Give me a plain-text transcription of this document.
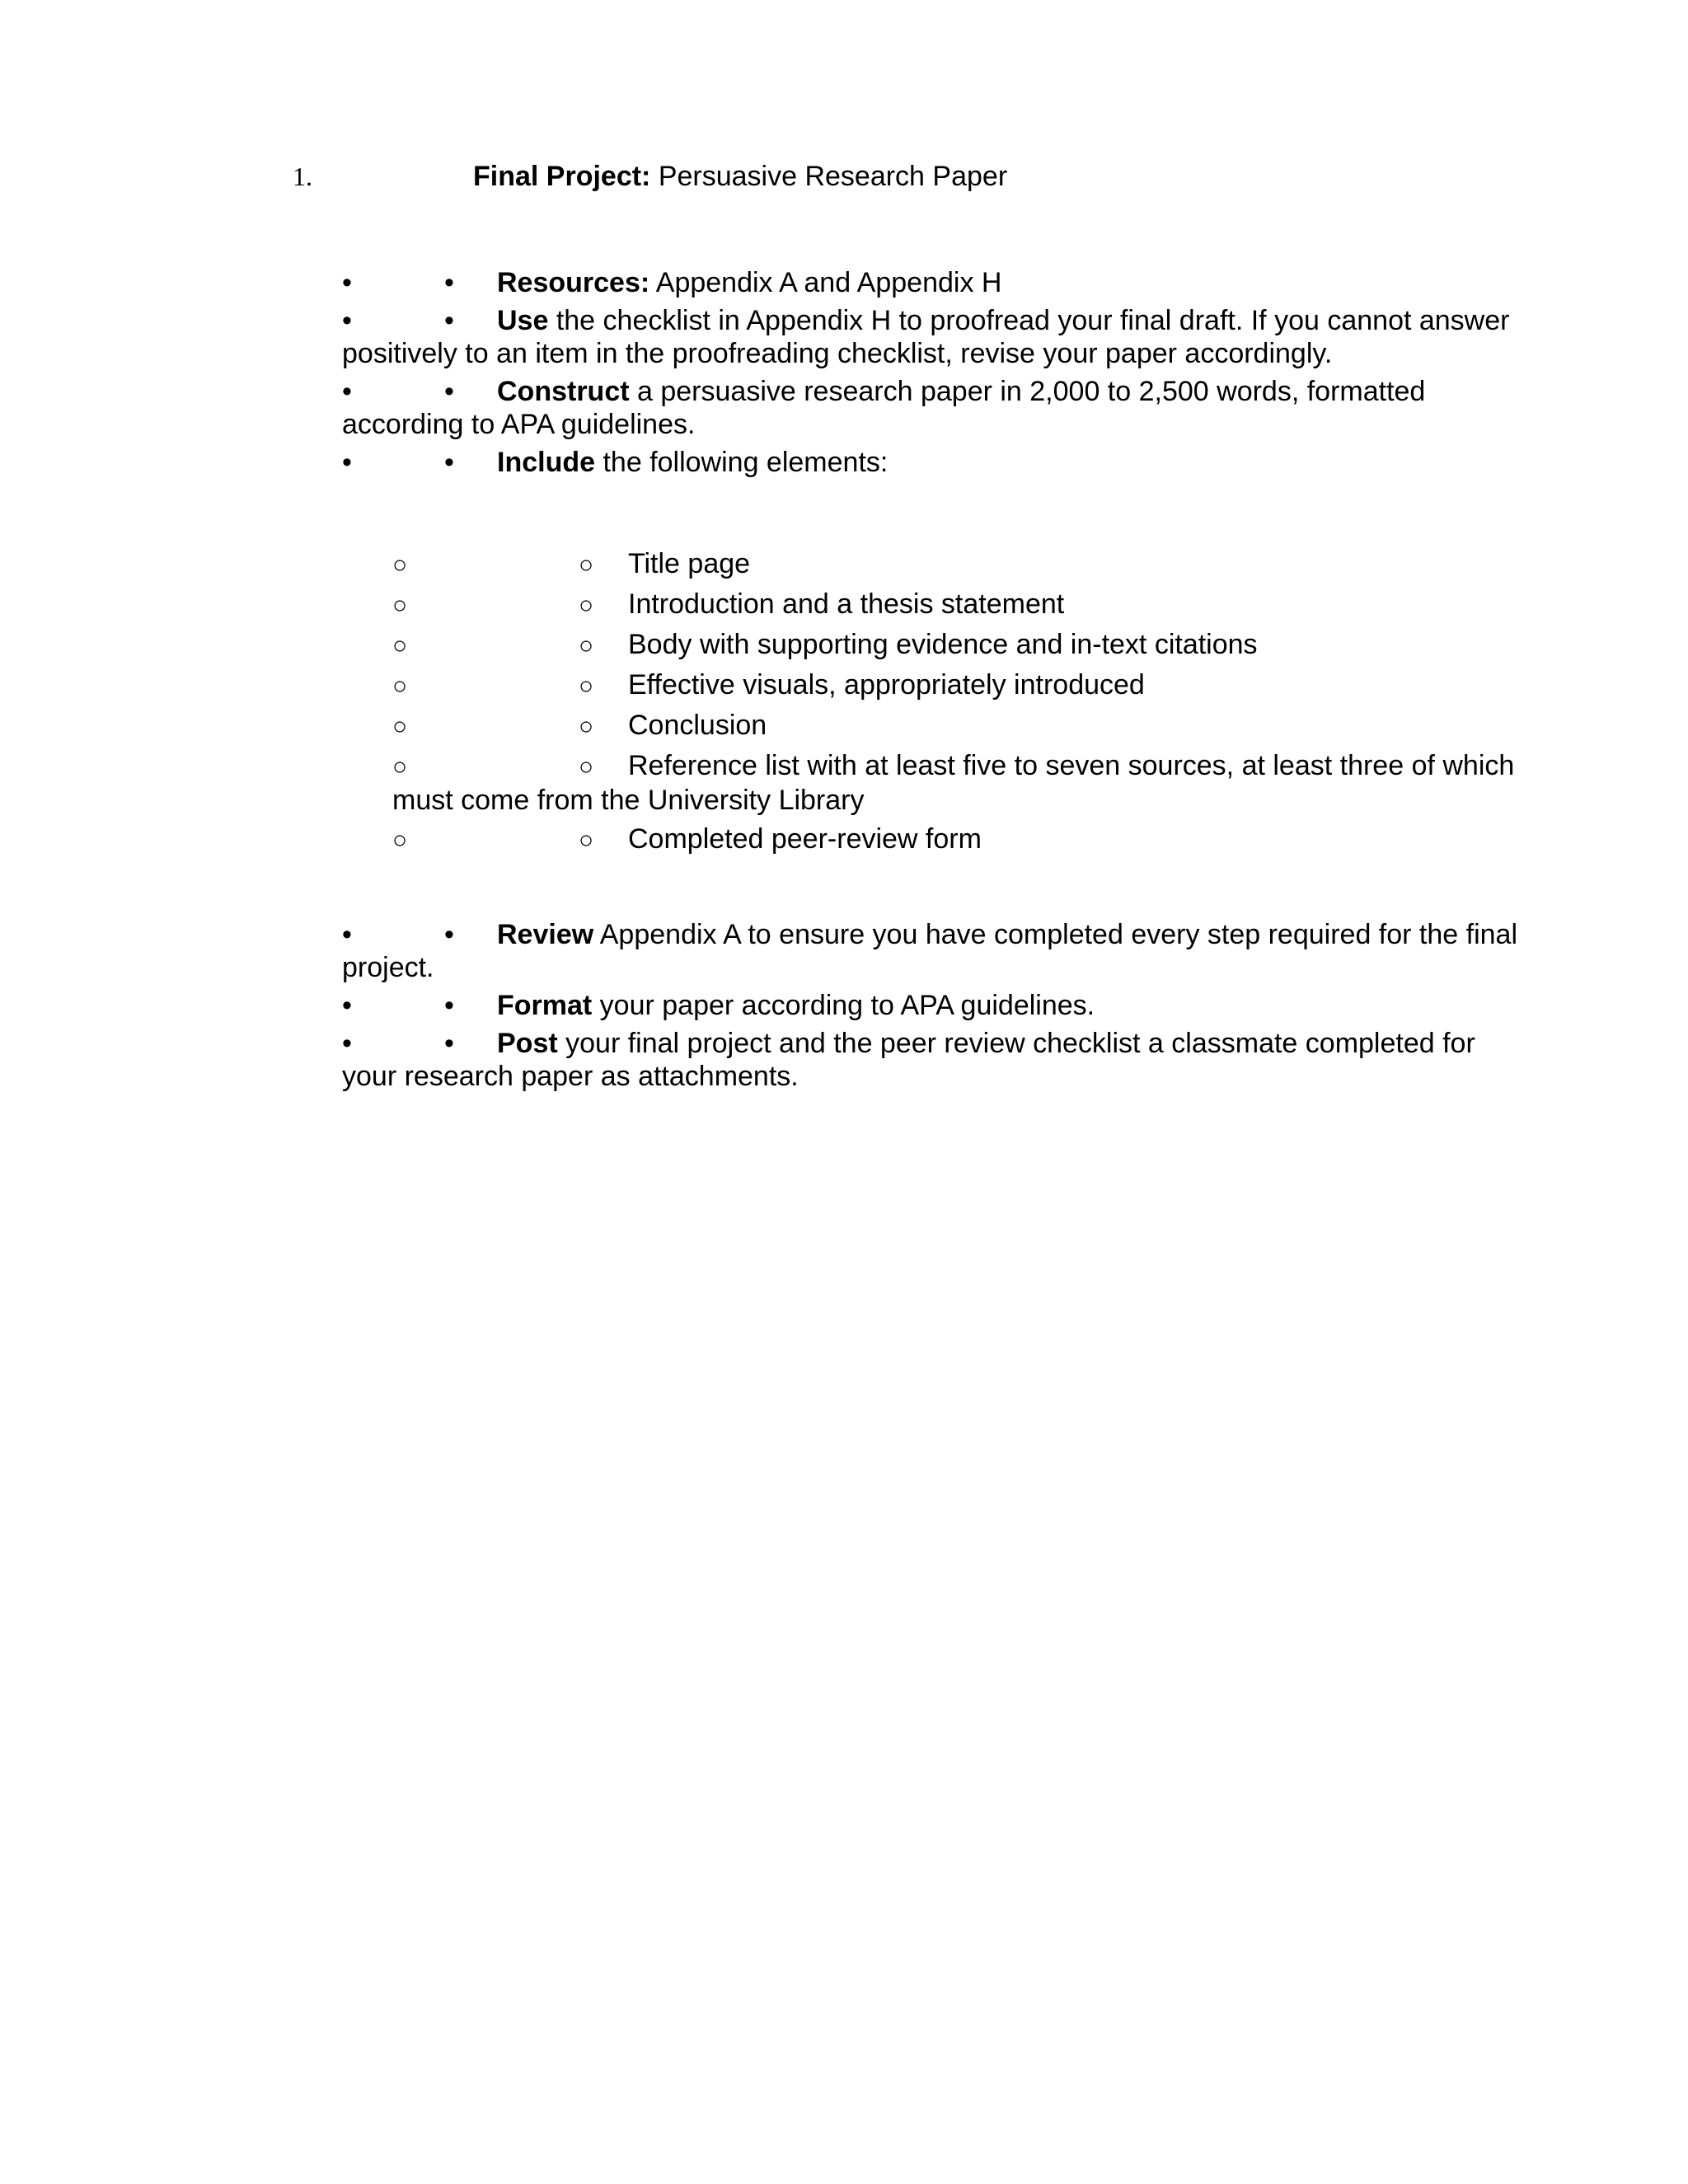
1.	Final Project: Persuasive Research Paper
•	• Resources: Appendix A and Appendix H
•	• Use the checklist in Appendix H to proofread your final draft. If you cannot answer positively to an item in the proofreading checklist, revise your paper accordingly.
•	• Construct a persuasive research paper in 2,000 to 2,500 words, formatted according to APA guidelines.
•	• Include the following elements:
○	○ Title page
○	○ Introduction and a thesis statement
○	○ Body with supporting evidence and in-text citations
○	○ Effective visuals, appropriately introduced
○	○ Conclusion
○	○ Reference list with at least five to seven sources, at least three of which must come from the University Library
○	○ Completed peer-review form
•	• Review Appendix A to ensure you have completed every step required for the final project.
•	• Format your paper according to APA guidelines.
•	• Post your final project and the peer review checklist a classmate completed for your research paper as attachments.
